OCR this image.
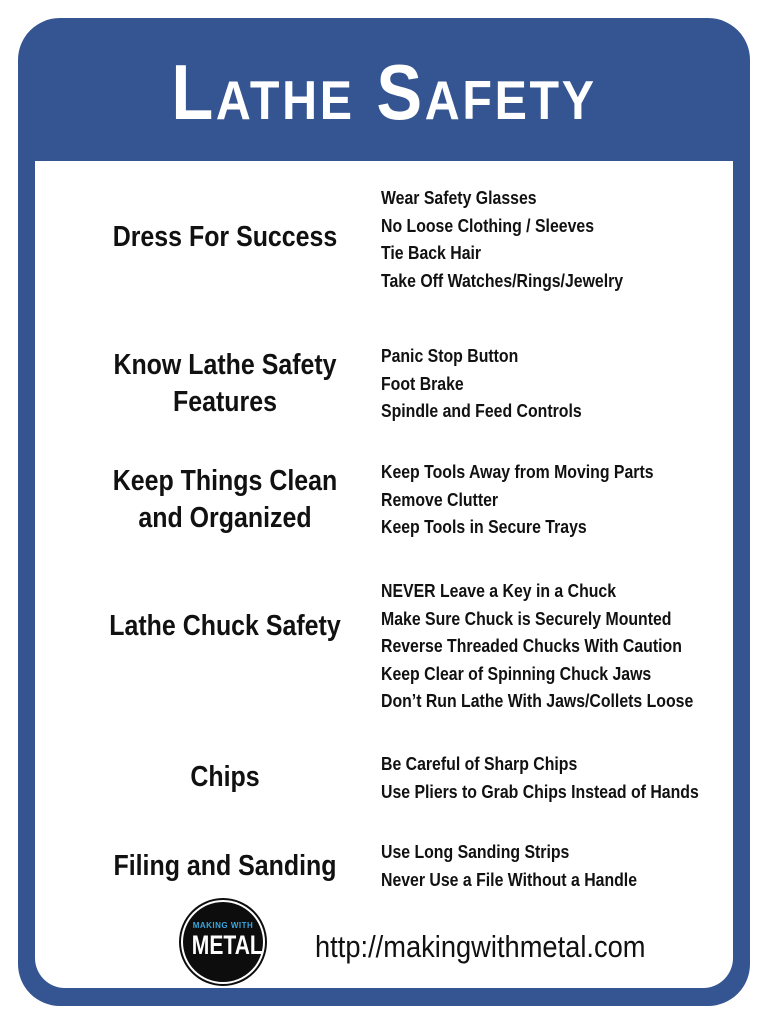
Lathe Safety
Dress For Success
Wear Safety Glasses
No Loose Clothing / Sleeves
Tie Back Hair
Take Off Watches/Rings/Jewelry
Know Lathe Safety Features
Panic Stop Button
Foot Brake
Spindle and Feed Controls
Keep Things Clean and Organized
Keep Tools Away from Moving Parts
Remove Clutter
Keep Tools in Secure Trays
Lathe Chuck Safety
NEVER Leave a Key in a Chuck
Make Sure Chuck is Securely Mounted
Reverse Threaded Chucks With Caution
Keep Clear of Spinning Chuck Jaws
Don’t Run Lathe With Jaws/Collets Loose
Chips	Be Careful of Sharp Chips
Use Pliers to Grab Chips Instead of Hands
Filing and Sanding	Use Long Sanding Strips
Never Use a File Without a Handle
MAKING WITH
METAL http://makingwithmetal.com
